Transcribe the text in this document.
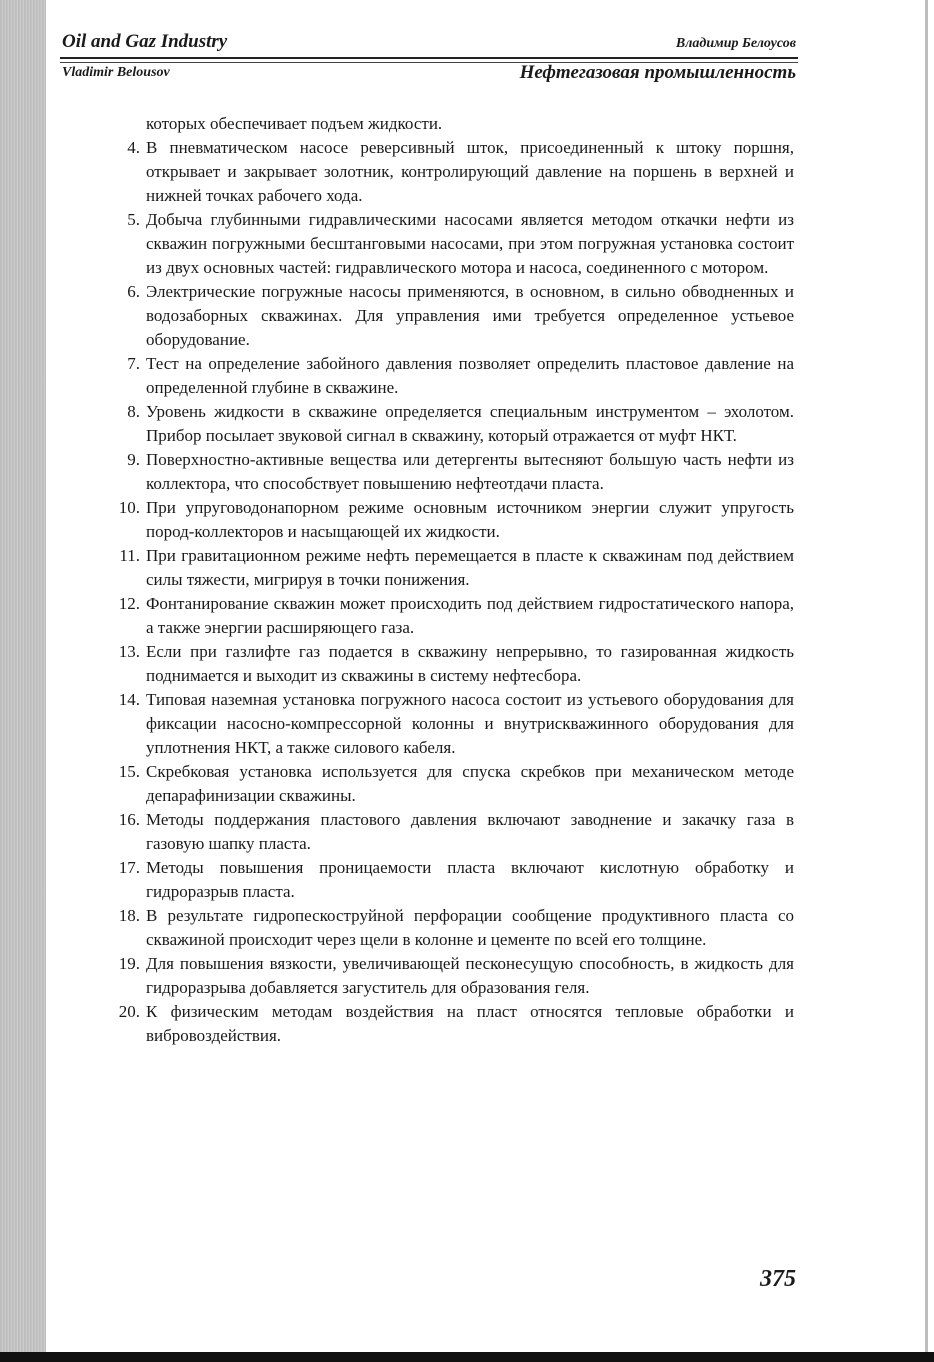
Oil and Gaz Industry	Владимир Белоусов
Vladimir Belousov	Нефтегазовая промышленность
которых обеспечивает подъем жидкости.
4. В пневматическом насосе реверсивный шток, присоединенный к штоку поршня, открывает и закрывает золотник, контролирующий давление на поршень в верхней и нижней точках рабочего хода.
5. Добыча глубинными гидравлическими насосами является методом откачки нефти из скважин погружными бесштанговыми насосами, при этом погружная установка состоит из двух основных частей: гидравлического мотора и насоса, соединенного с мотором.
6. Электрические погружные насосы применяются, в основном, в сильно обводненных и водозаборных скважинах. Для управления ими требуется определенное устьевое оборудование.
7. Тест на определение забойного давления позволяет определить пластовое давление на определенной глубине в скважине.
8. Уровень жидкости в скважине определяется специальным инструментом – эхолотом. Прибор посылает звуковой сигнал в скважину, который отражается от муфт НКТ.
9. Поверхностно-активные вещества или детергенты вытесняют большую часть нефти из коллектора, что способствует повышению нефтеотдачи пласта.
10. При упруговодонапорном режиме основным источником энергии служит упругость пород-коллекторов и насыщающей их жидкости.
11. При гравитационном режиме нефть перемещается в пласте к скважинам под действием силы тяжести, мигрируя в точки понижения.
12. Фонтанирование скважин может происходить под действием гидростатического напора, а также энергии расширяющего газа.
13. Если при газлифте газ подается в скважину непрерывно, то газированная жидкость поднимается и выходит из скважины в систему нефтесбора.
14. Типовая наземная установка погружного насоса состоит из устьевого оборудования для фиксации насосно-компрессорной колонны и внутрискважинного оборудования для уплотнения НКТ, а также силового кабеля.
15. Скребковая установка используется для спуска скребков при механическом методе депарафинизации скважины.
16. Методы поддержания пластового давления включают заводнение и закачку газа в газовую шапку пласта.
17. Методы повышения проницаемости пласта включают кислотную обработку и гидроразрыв пласта.
18. В результате гидропескоструйной перфорации сообщение продуктивного пласта со скважиной происходит через щели в колонне и цементе по всей его толщине.
19. Для повышения вязкости, увеличивающей песконесущую способность, в жидкость для гидроразрыва добавляется загуститель для образования геля.
20. К физическим методам воздействия на пласт относятся тепловые обработки и вибровоздействия.
375
